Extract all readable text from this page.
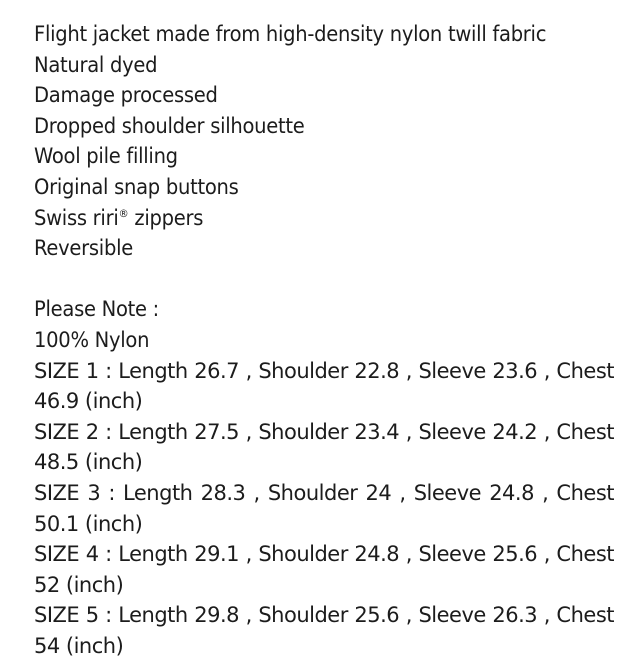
Flight jacket made from high-density nylon twill fabric
Natural dyed
Damage processed
Dropped shoulder silhouette
Wool pile filling
Original snap buttons
Swiss riri® zippers
Reversible
Please Note :
100% Nylon
SIZE 1 : Length 26.7 , Shoulder 22.8 , Sleeve 23.6 , Chest 46.9 (inch)
SIZE 2 : Length 27.5 , Shoulder 23.4 , Sleeve 24.2 , Chest 48.5 (inch)
SIZE 3 : Length 28.3 , Shoulder 24 , Sleeve 24.8 , Chest 50.1 (inch)
SIZE 4 : Length 29.1 , Shoulder 24.8 , Sleeve 25.6 , Chest 52 (inch)
SIZE 5 : Length 29.8 , Shoulder 25.6 , Sleeve 26.3 , Chest 54 (inch)
